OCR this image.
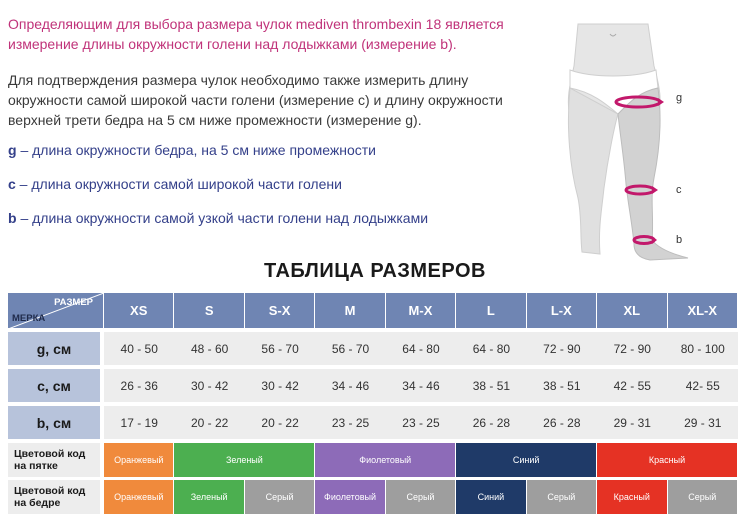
Определяющим для выбора размера чулок mediven thrombexin 18 является
измерение длины окружности голени над лодыжками (измерение b).
Для подтверждения размера чулок необходимо также измерить длину
окружности самой широкой части голени (измерение c) и длину окружности
верхней трети бедра на 5 см ниже промежности (измерение g).
g – длина окружности бедра, на 5 см ниже промежности
c – длина окружности самой широкой части голени
b – длина окружности самой узкой части голени над лодыжками
g
c
b
ТАБЛИЦА РАЗМЕРОВ
РАЗМЕР
МЕРКА	XS	S	S-X	M	M-X	L	L-X	XL	XL-X

g, см	40 - 50	48 - 60	56 - 70	56 - 70	64 - 80	64 - 80	72 - 90	72 - 90	80 - 100

c, см	26 - 36	30 - 42	30 - 42	34 - 46	34 - 46	38 - 51	38 - 51	42 - 55	42- 55

b, см	17 - 19	20 - 22	20 - 22	23 - 25	23 - 25	26 - 28	26 - 28	29 - 31	29 - 31

Цветовой код
на пятке	Оранжевый	Зеленый		Фиолетовый		Синий		Красный	

Цветовой код
на бедре	Оранжевый	Зеленый	Серый	Фиолетовый	Серый	Синий	Серый	Красный	Серый
